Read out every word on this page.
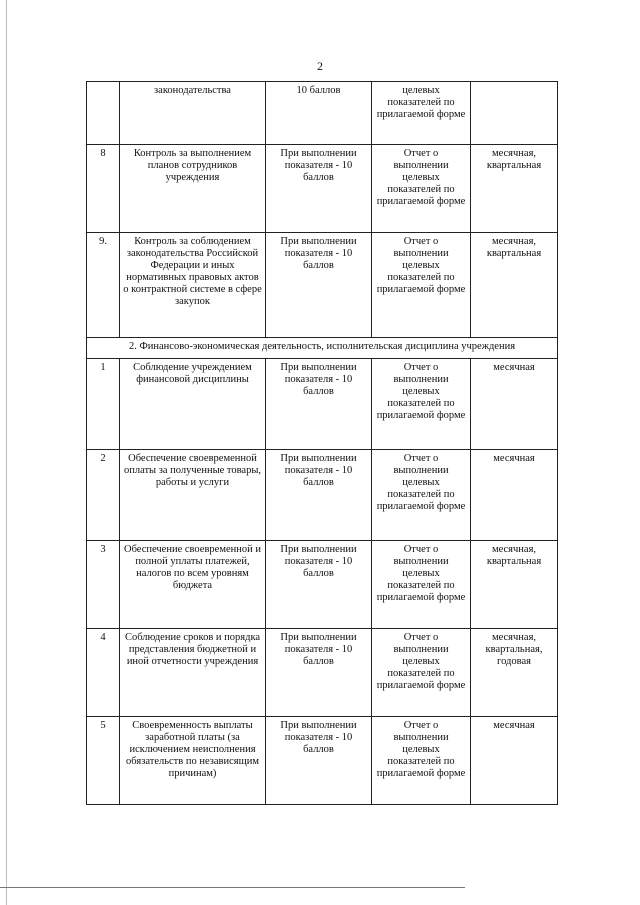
2
	законодательства	10 баллов	целевых показателей по прилагаемой форме	
8	Контроль за выполнением планов сотрудников учреждения	При выполнении показателя - 10 баллов	Отчет о выполнении целевых показателей по прилагаемой форме	месячная, квартальная
9.	Контроль за соблюдением законодательства Российской Федерации и иных нормативных правовых актов о контрактной системе в сфере закупок	При выполнении показателя - 10 баллов	Отчет о выполнении целевых показателей по прилагаемой форме	месячная, квартальная
2. Финансово-экономическая деятельность, исполнительская дисциплина учреждения				
1	Соблюдение учреждением финансовой дисциплины	При выполнении показателя - 10 баллов	Отчет о выполнении целевых показателей по прилагаемой форме	месячная
2	Обеспечение своевременной оплаты за полученные товары, работы и услуги	При выполнении показателя - 10 баллов	Отчет о выполнении целевых показателей по прилагаемой форме	месячная
3	Обеспечение своевременной и полной уплаты платежей, налогов по всем уровням бюджета	При выполнении показателя - 10 баллов	Отчет о выполнении целевых показателей по прилагаемой форме	месячная, квартальная
4	Соблюдение сроков и порядка представления бюджетной и иной отчетности учреждения	При выполнении показателя - 10 баллов	Отчет о выполнении целевых показателей по прилагаемой форме	месячная, квартальная, годовая
5	Своевременность выплаты заработной платы (за исключением неисполнения обязательств по независящим причинам)	При выполнении показателя - 10 баллов	Отчет о выполнении целевых показателей по прилагаемой форме	месячная
